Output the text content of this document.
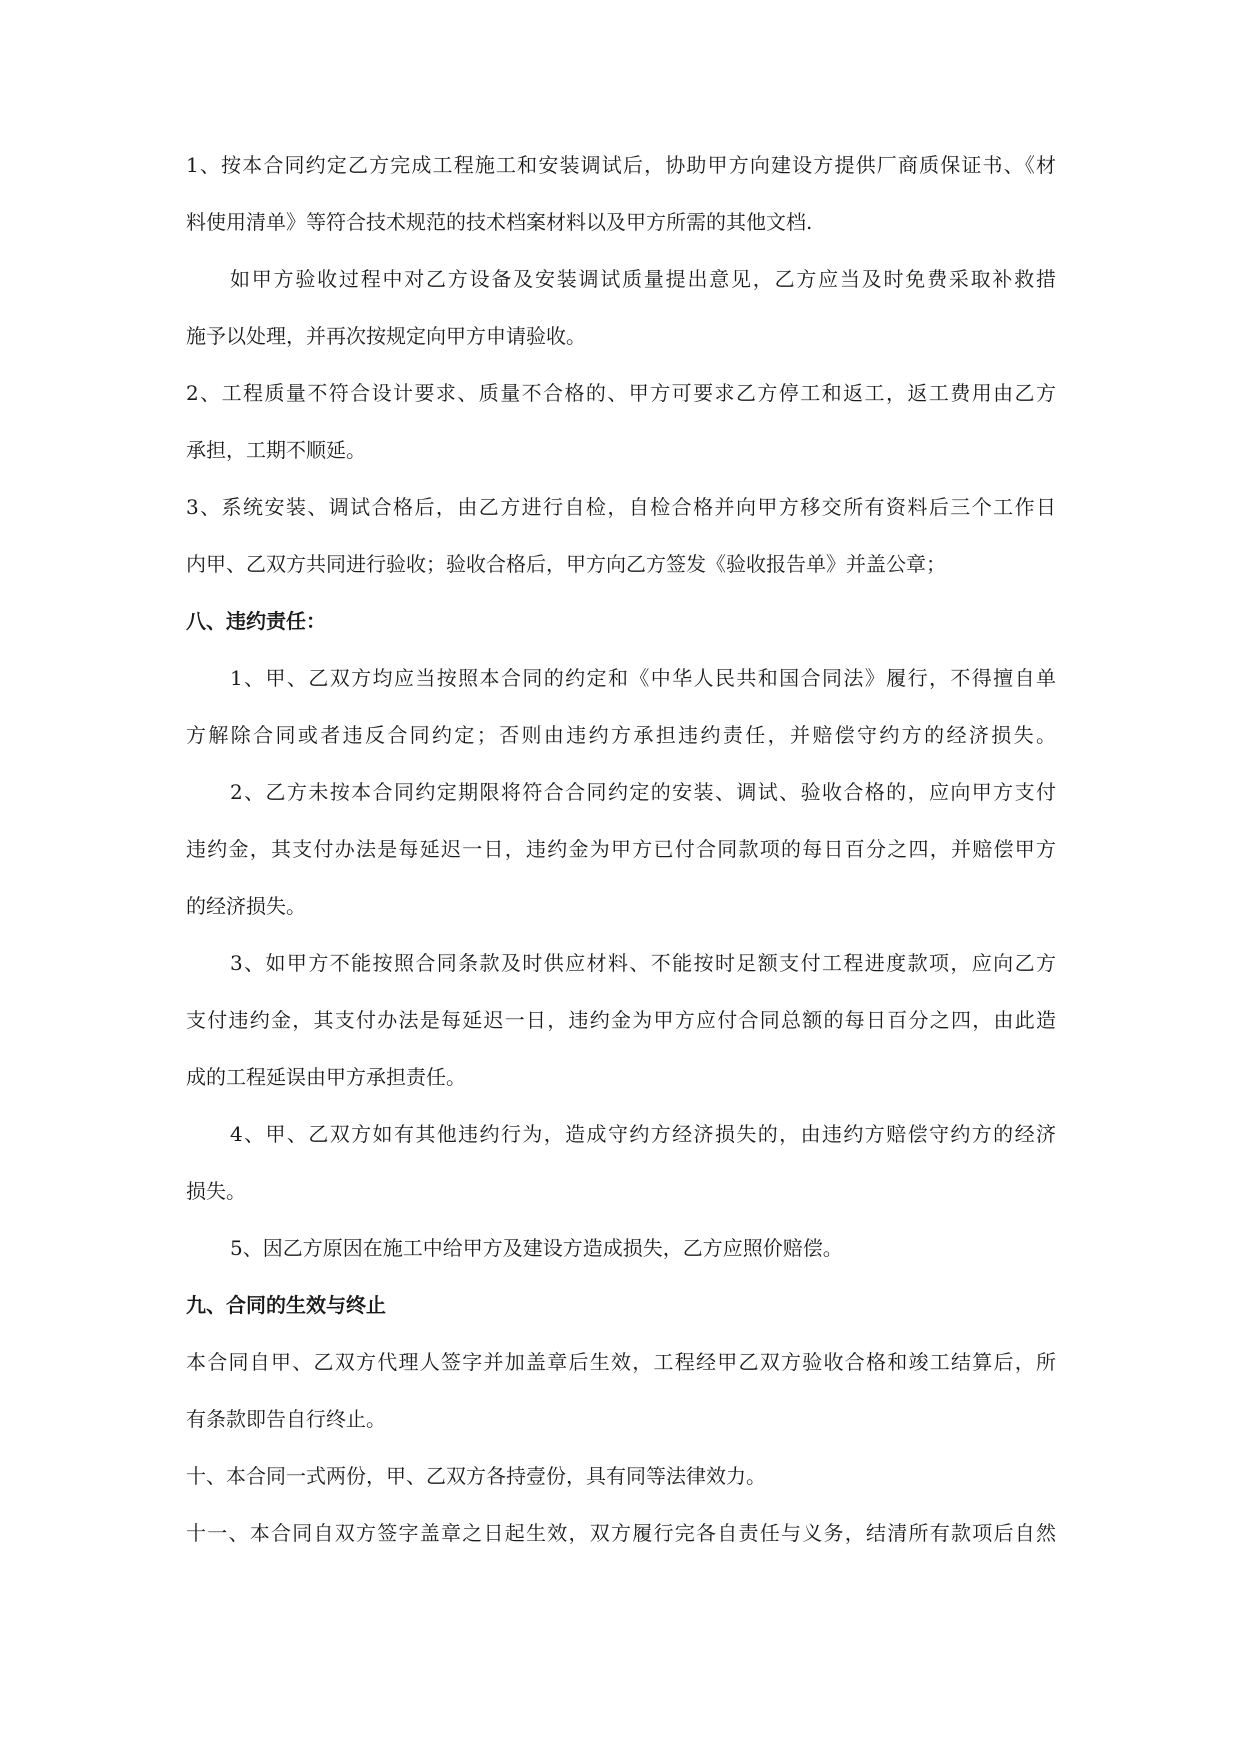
1、按本合同约定乙方完成工程施工和安装调试后，协助甲方向建设方提供厂商质保证书、《材
料使用清单》等符合技术规范的技术档案材料以及甲方所需的其他文档.
如甲方验收过程中对乙方设备及安装调试质量提出意见，乙方应当及时免费采取补救措
施予以处理，并再次按规定向甲方申请验收。
2、工程质量不符合设计要求、质量不合格的、甲方可要求乙方停工和返工，返工费用由乙方
承担，工期不顺延。
3、系统安装、调试合格后，由乙方进行自检，自检合格并向甲方移交所有资料后三个工作日
内甲、乙双方共同进行验收；验收合格后，甲方向乙方签发《验收报告单》并盖公章；
八、违约责任：
1、甲、乙双方均应当按照本合同的约定和《中华人民共和国合同法》履行，不得擅自单
方解除合同或者违反合同约定；否则由违约方承担违约责任，并赔偿守约方的经济损失。
2、乙方未按本合同约定期限将符合合同约定的安装、调试、验收合格的，应向甲方支付
违约金，其支付办法是每延迟一日，违约金为甲方已付合同款项的每日百分之四，并赔偿甲方
的经济损失。
3、如甲方不能按照合同条款及时供应材料、不能按时足额支付工程进度款项，应向乙方
支付违约金，其支付办法是每延迟一日，违约金为甲方应付合同总额的每日百分之四，由此造
成的工程延误由甲方承担责任。
4、甲、乙双方如有其他违约行为，造成守约方经济损失的，由违约方赔偿守约方的经济
损失。
5、因乙方原因在施工中给甲方及建设方造成损失，乙方应照价赔偿。
九、合同的生效与终止
本合同自甲、乙双方代理人签字并加盖章后生效，工程经甲乙双方验收合格和竣工结算后，所
有条款即告自行终止。
十、本合同一式两份，甲、乙双方各持壹份，具有同等法律效力。
十一、本合同自双方签字盖章之日起生效，双方履行完各自责任与义务，结清所有款项后自然
